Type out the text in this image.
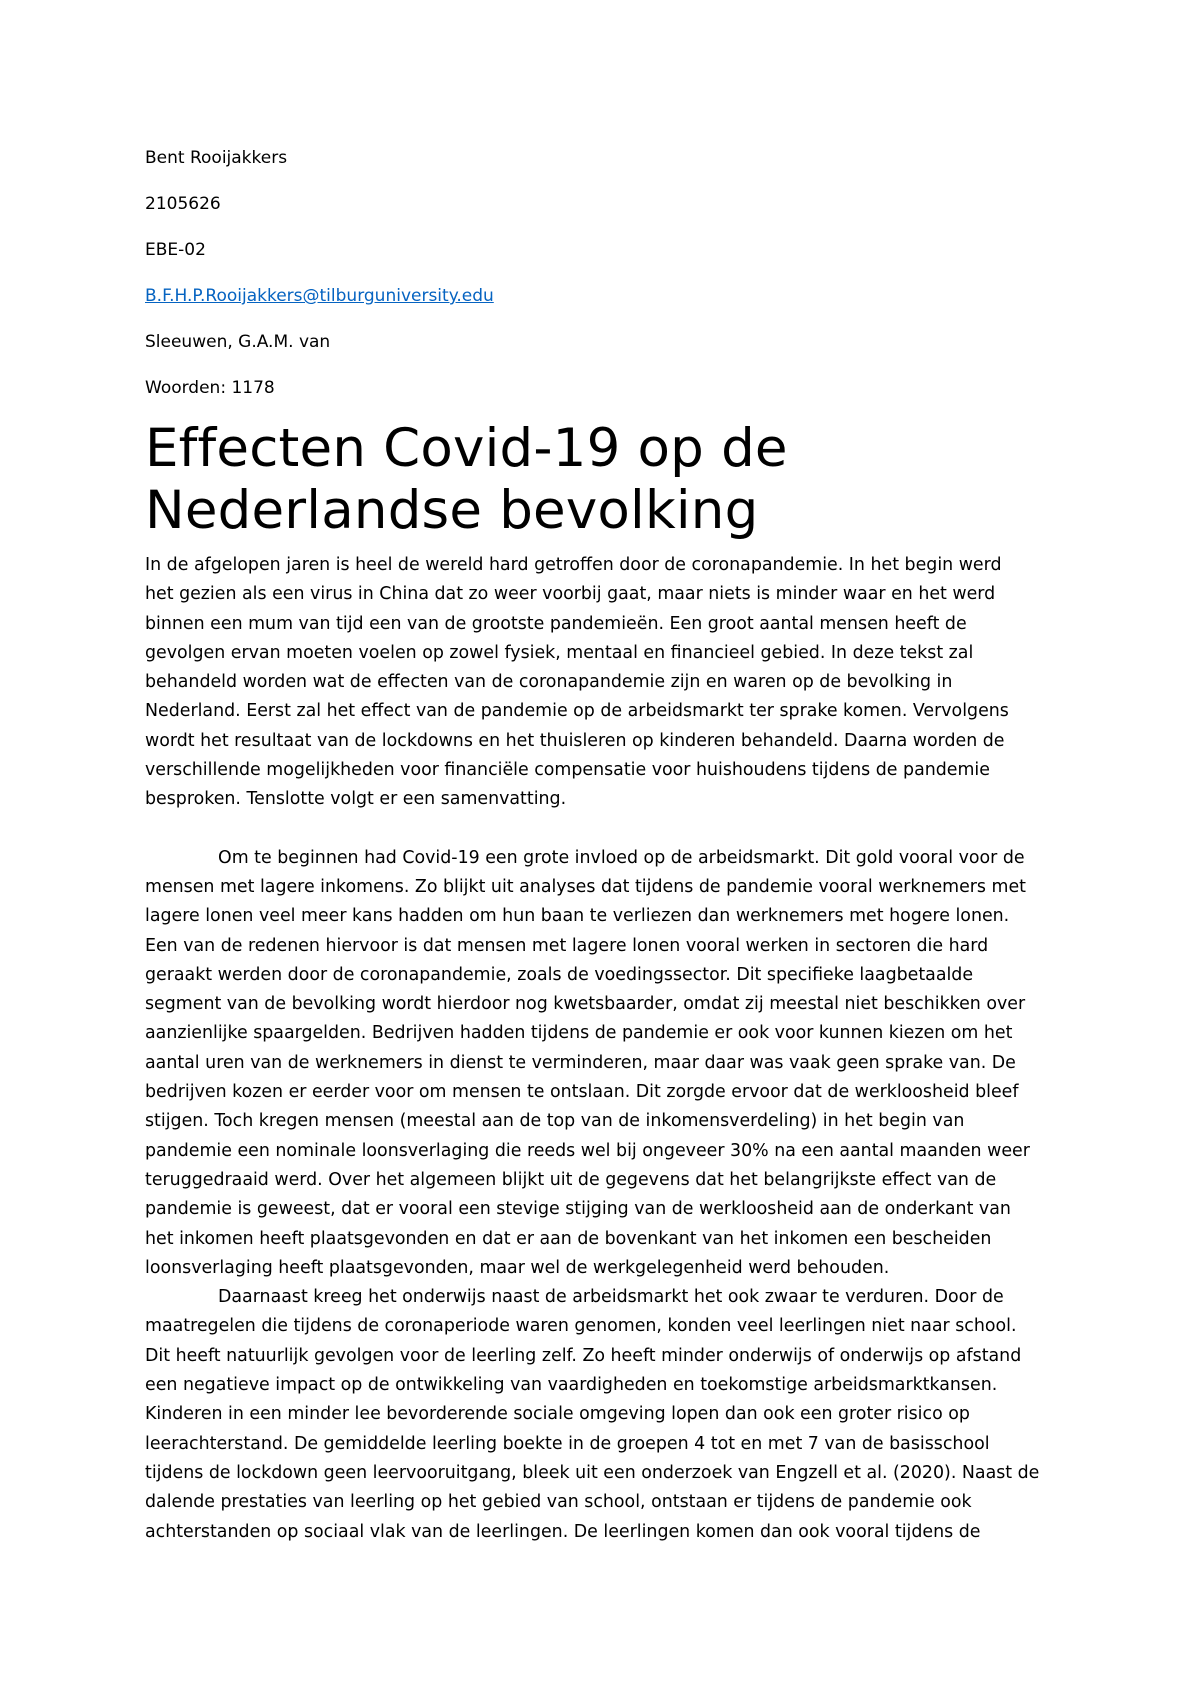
Bent Rooijakkers
2105626
EBE-02
B.F.H.P.Rooijakkers@tilburguniversity.edu
Sleeuwen, G.A.M. van
Woorden: 1178
Effecten Covid-19 op de
Nederlandse bevolking

In de afgelopen jaren is heel de wereld hard getroffen door de coronapandemie. In het begin werd

het gezien als een virus in China dat zo weer voorbij gaat, maar niets is minder waar en het werd

binnen een mum van tijd een van de grootste pandemieën. Een groot aantal mensen heeft de

gevolgen ervan moeten voelen op zowel fysiek, mentaal en financieel gebied. In deze tekst zal

behandeld worden wat de effecten van de coronapandemie zijn en waren op de bevolking in

Nederland. Eerst zal het effect van de pandemie op de arbeidsmarkt ter sprake komen. Vervolgens

wordt het resultaat van de lockdowns en het thuisleren op kinderen behandeld. Daarna worden de

verschillende mogelijkheden voor financiële compensatie voor huishoudens tijdens de pandemie

besproken. Tenslotte volgt er een samenvatting.

Om te beginnen had Covid-19 een grote invloed op de arbeidsmarkt. Dit gold vooral voor de

mensen met lagere inkomens. Zo blijkt uit analyses dat tijdens de pandemie vooral werknemers met

lagere lonen veel meer kans hadden om hun baan te verliezen dan werknemers met hogere lonen.

Een van de redenen hiervoor is dat mensen met lagere lonen vooral werken in sectoren die hard

geraakt werden door de coronapandemie, zoals de voedingssector. Dit specifieke laagbetaalde

segment van de bevolking wordt hierdoor nog kwetsbaarder, omdat zij meestal niet beschikken over

aanzienlijke spaargelden. Bedrijven hadden tijdens de pandemie er ook voor kunnen kiezen om het

aantal uren van de werknemers in dienst te verminderen, maar daar was vaak geen sprake van. De

bedrijven kozen er eerder voor om mensen te ontslaan. Dit zorgde ervoor dat de werkloosheid bleef

stijgen. Toch kregen mensen (meestal aan de top van de inkomensverdeling) in het begin van

pandemie een nominale loonsverlaging die reeds wel bij ongeveer 30% na een aantal maanden weer

teruggedraaid werd. Over het algemeen blijkt uit de gegevens dat het belangrijkste effect van de

pandemie is geweest, dat er vooral een stevige stijging van de werkloosheid aan de onderkant van

het inkomen heeft plaatsgevonden en dat er aan de bovenkant van het inkomen een bescheiden

loonsverlaging heeft plaatsgevonden, maar wel de werkgelegenheid werd behouden.

Daarnaast kreeg het onderwijs naast de arbeidsmarkt het ook zwaar te verduren. Door de

maatregelen die tijdens de coronaperiode waren genomen, konden veel leerlingen niet naar school.

Dit heeft natuurlijk gevolgen voor de leerling zelf. Zo heeft minder onderwijs of onderwijs op afstand

een negatieve impact op de ontwikkeling van vaardigheden en toekomstige arbeidsmarktkansen.

Kinderen in een minder lee bevorderende sociale omgeving lopen dan ook een groter risico op

leerachterstand. De gemiddelde leerling boekte in de groepen 4 tot en met 7 van de basisschool

tijdens de lockdown geen leervooruitgang, bleek uit een onderzoek van Engzell et al. (2020). Naast de

dalende prestaties van leerling op het gebied van school, ontstaan er tijdens de pandemie ook

achterstanden op sociaal vlak van de leerlingen. De leerlingen komen dan ook vooral tijdens de
